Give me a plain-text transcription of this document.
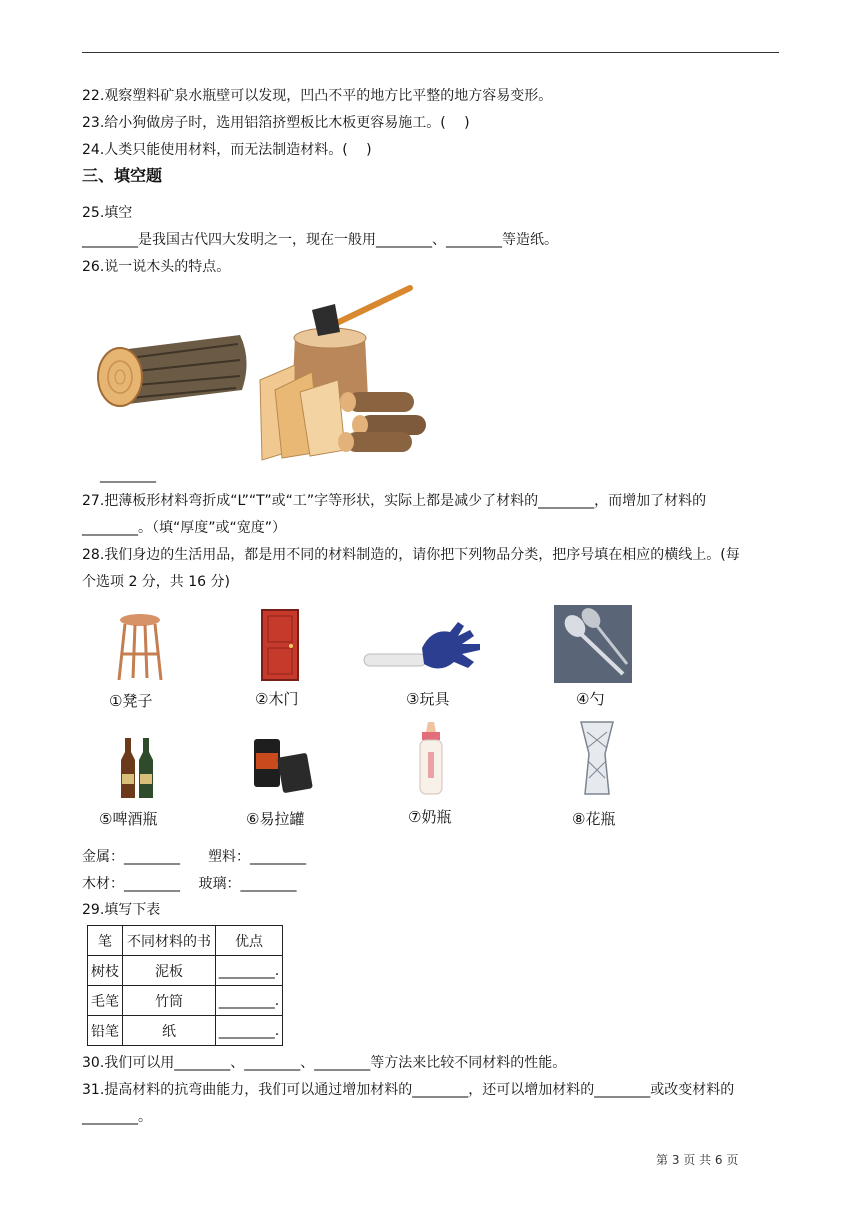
22.观察塑料矿泉水瓶壁可以发现，凹凸不平的地方比平整的地方容易变形。
23.给小狗做房子时，选用铝箔挤塑板比木板更容易施工。(　 )
24.人类只能使用材料，而无法制造材料。(　 )
三、填空题
25.填空
________是我国古代四大发明之一，现在一般用________、________等造纸。
26.说一说木头的特点。
________
27.把薄板形材料弯折成“L”“T”或“工”字等形状，实际上都是减少了材料的________，而增加了材料的
________。（填“厚度”或“宽度”）
28.我们身边的生活用品，都是用不同的材料制造的，请你把下列物品分类，把序号填在相应的横线上。(每
个选项 2 分，共 16 分)
①凳子	②木门	③玩具	④勺
⑤啤酒瓶	⑥易拉罐	⑦奶瓶	⑧花瓶
金属：________　　塑料：________
木材：________　 玻璃：________
29.填写下表
笔	不同材料的书	优点
树枝	泥板	________.
毛笔	竹筒	________.
铅笔	纸	________.
30.我们可以用________、________、________等方法来比较不同材料的性能。
31.提高材料的抗弯曲能力，我们可以通过增加材料的________，还可以增加材料的________或改变材料的
________。
第 3 页 共 6 页
